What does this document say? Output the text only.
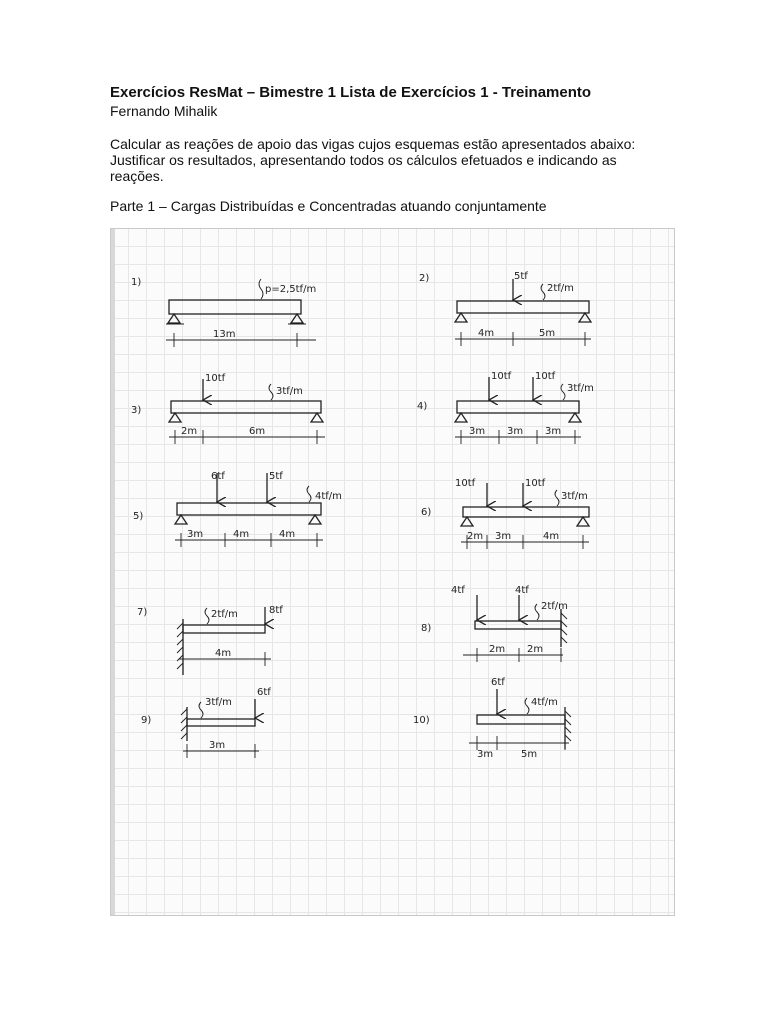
Exercícios ResMat – Bimestre 1 Lista de Exercícios 1 - Treinamento

Fernando Mihalik

Calcular as reações de apoio das vigas cujos esquemas estão apresentados abaixo:
Justificar os resultados, apresentando todos os cálculos efetuados e indicando as
reações.
Parte 1 – Cargas Distribuídas e Concentradas atuando conjuntamente
1)
p=2,5tf/m
13m
2)	5tf
2tf/m
4m	5m
3)
10tf
3tf/m
2m	6m
4)
10tf 10tf
3tf/m
3m 3m 3m
5)
6tf	5tf
4tf/m
3m	4m	4m
6)
10tf	10tf
3tf/m
2m 3m	4m
7)	8tf
2tf/m
4m
8)
4tf	4tf
2tf/m
2m 2m
9)
6tf
3tf/m
3m
10)
6tf
4tf/m
3m	5m
